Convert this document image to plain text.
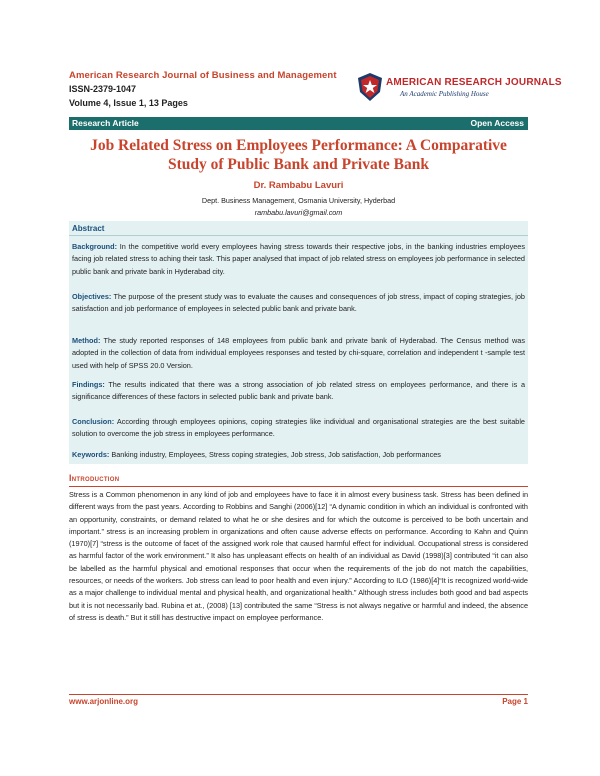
American Research Journal of Business and Management
ISSN-2379-1047
Volume 4, Issue 1, 13 Pages
AMERICAN RESEARCH JOURNALS
An Academic Publishing House
Research Article	Open Access
Job Related Stress on Employees Performance: A Comparative
Study of Public Bank and Private Bank
Dr. Rambabu Lavuri
Dept. Business Management, Osmania University, Hyderbad
rambabu.lavuri@gmail.com
Abstract
Background: In the competitive world every employees having stress towards their respective jobs, in the banking industries employees facing job related stress to aching their task. This paper analysed that impact of job related stress on employees job performance in selected public bank and private bank in Hyderabad city.
Objectives: The purpose of the present study was to evaluate the causes and consequences of job stress, impact of coping strategies, job satisfaction and job performance of employees in selected public bank and private bank.
Method: The study reported responses of 148 employees from public bank and private bank of Hyderabad. The Census method was adopted in the collection of data from individual employees responses and tested by chi-square, correlation and independent t -sample test used with help of SPSS 20.0 Version.
Findings: The results indicated that there was a strong association of job related stress on employees performance, and there is a significance differences of these factors in selected public bank and private bank.
Conclusion: According through employees opinions, coping strategies like individual and organisational strategies are the best suitable solution to overcome the job stress in employees performance.
Keywords: Banking industry, Employees, Stress coping strategies, Job stress, Job satisfaction, Job performances
Introduction
Stress is a Common phenomenon in any kind of job and employees have to face it in almost every business task. Stress has been defined in different ways from the past years. According to Robbins and Sanghi (2006)[12] “A dynamic condition in which an individual is confronted with an opportunity, constraints, or demand related to what he or she desires and for which the outcome is perceived to be both uncertain and important.” stress is an increasing problem in organizations and often cause adverse effects on performance. According to Kahn and Quinn (1970)[7] “stress is the outcome of facet of the assigned work role that caused harmful effect for individual. Occupational stress is considered as harmful factor of the work environment.” It also has unpleasant effects on health of an individual as David (1998)[3] contributed “it can also be labelled as the harmful physical and emotional responses that occur when the requirements of the job do not match the capabilities, resources, or needs of the workers. Job stress can lead to poor health and even injury.” According to ILO (1986)[4]“It is recognized world-wide as a major challenge to individual mental and physical health, and organizational health.” Although stress includes both good and bad aspects but it is not necessarily bad. Rubina et at., (2008) [13] contributed the same “Stress is not always negative or harmful and indeed, the absence of stress is death.” But it still has destructive impact on employee performance.
www.arjonline.org	Page 1
